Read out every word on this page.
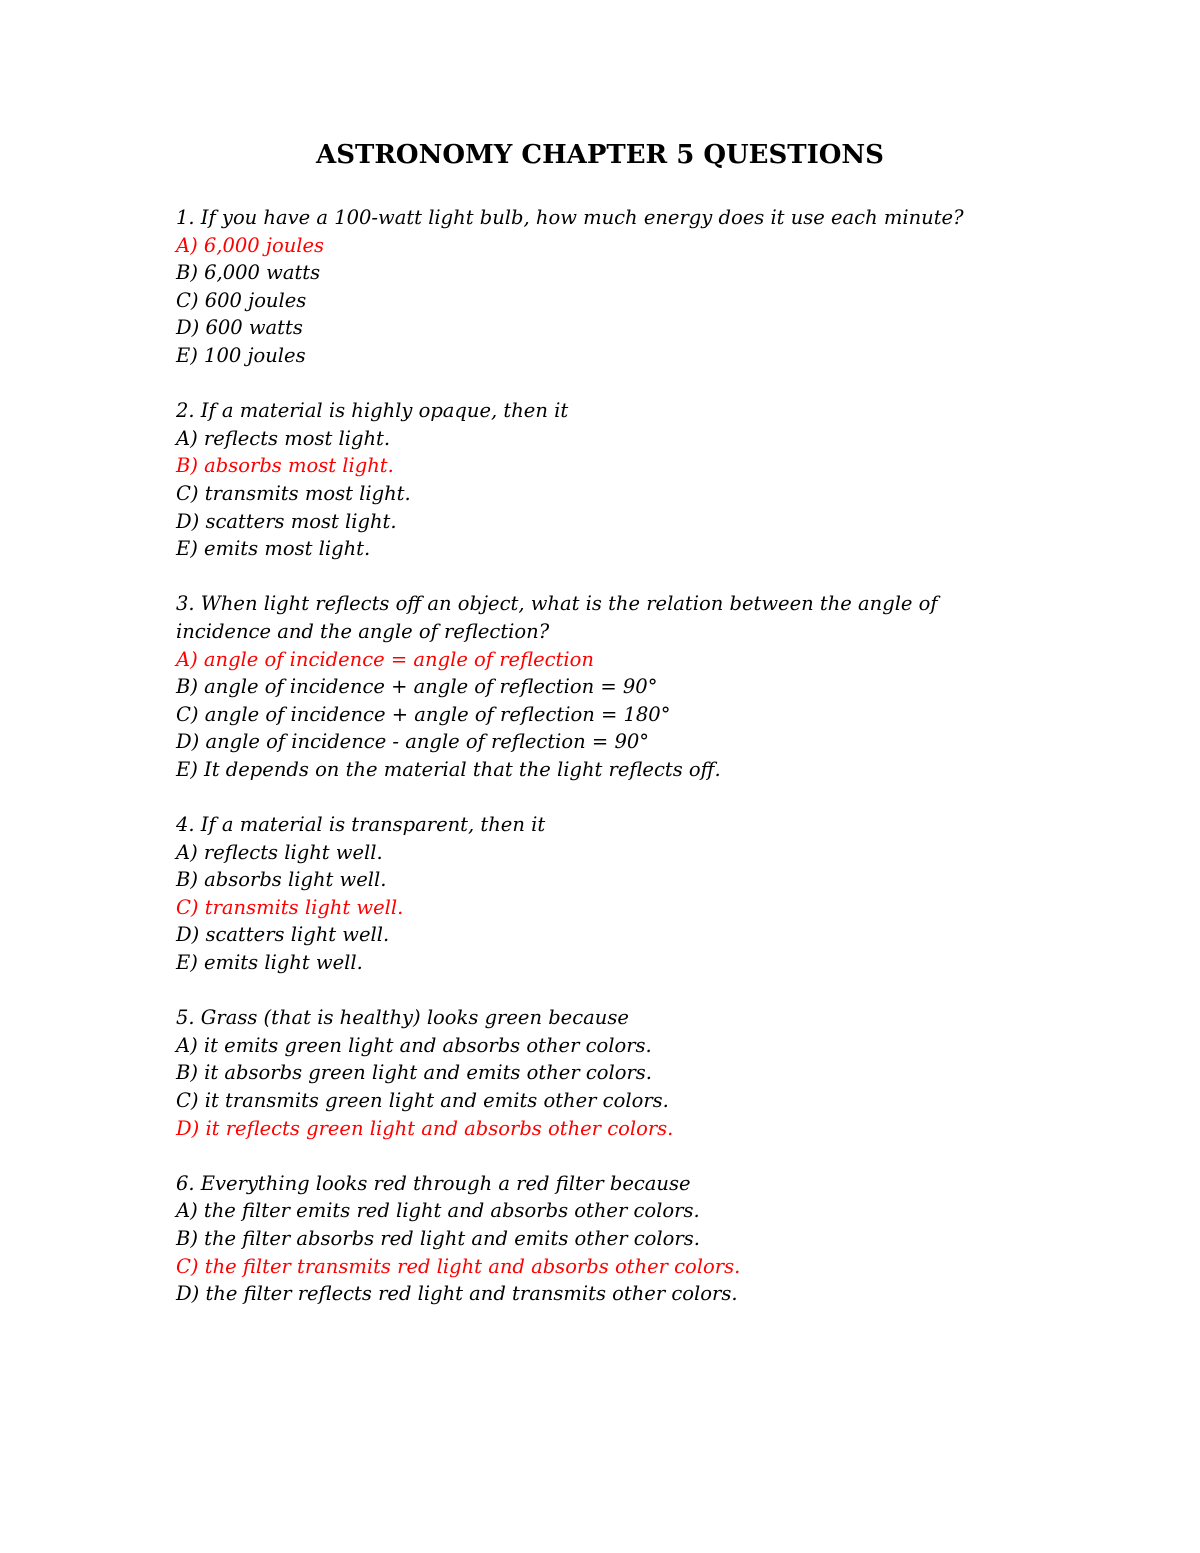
ASTRONOMY CHAPTER 5 QUESTIONS
1. If you have a 100-watt light bulb, how much energy does it use each minute?
A) 6,000 joules
B) 6,000 watts
C) 600 joules
D) 600 watts
E) 100 joules
2. If a material is highly opaque, then it
A) reflects most light.
B) absorbs most light.
C) transmits most light.
D) scatters most light.
E) emits most light.
3. When light reflects off an object, what is the relation between the angle of incidence and the angle of reflection?
A) angle of incidence = angle of reflection
B) angle of incidence + angle of reflection = 90°
C) angle of incidence + angle of reflection = 180°
D) angle of incidence - angle of reflection = 90°
E) It depends on the material that the light reflects off.
4. If a material is transparent, then it
A) reflects light well.
B) absorbs light well.
C) transmits light well.
D) scatters light well.
E) emits light well.
5. Grass (that is healthy) looks green because
A) it emits green light and absorbs other colors.
B) it absorbs green light and emits other colors.
C) it transmits green light and emits other colors.
D) it reflects green light and absorbs other colors.
6. Everything looks red through a red filter because
A) the filter emits red light and absorbs other colors.
B) the filter absorbs red light and emits other colors.
C) the filter transmits red light and absorbs other colors.
D) the filter reflects red light and transmits other colors.
